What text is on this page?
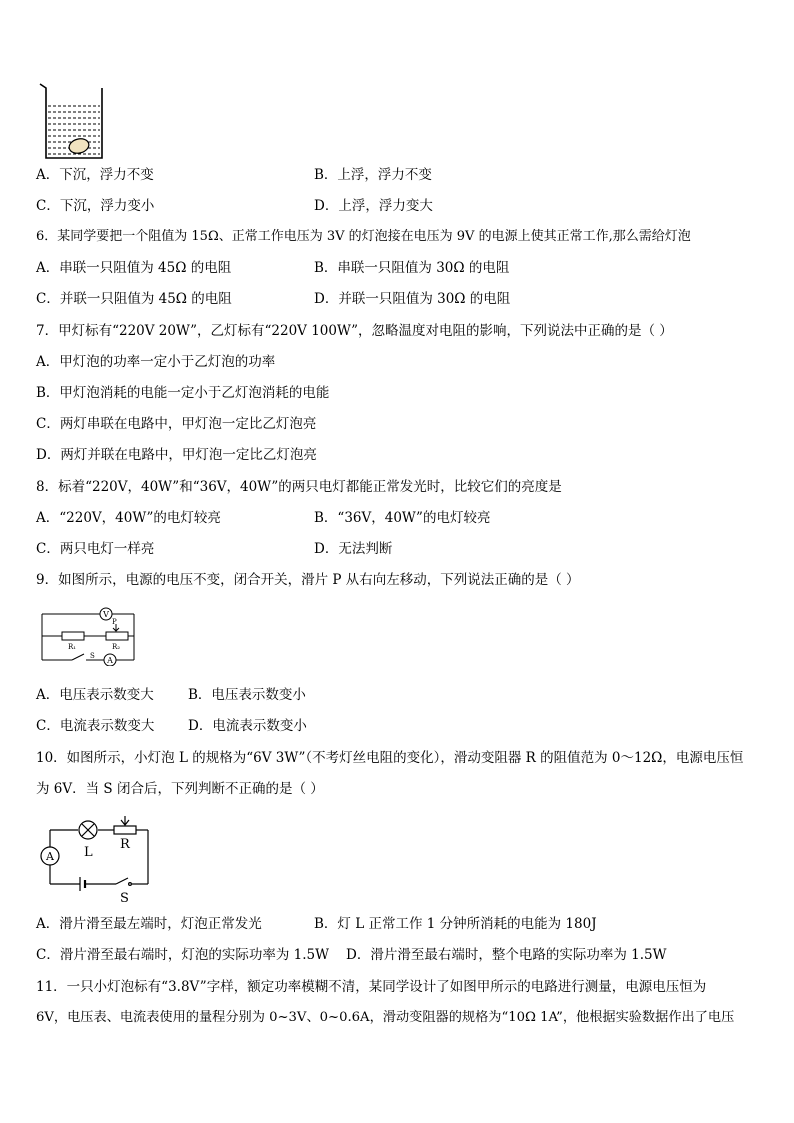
A．下沉，浮力不变	B．上浮，浮力不变
C．下沉，浮力变小	D．上浮，浮力变大
6．某同学要把一个阻值为 15Ω、正常工作电压为 3V 的灯泡接在电压为 9V 的电源上使其正常工作,那么需给灯泡
A．串联一只阻值为 45Ω 的电阻	B．串联一只阻值为 30Ω 的电阻
C．并联一只阻值为 45Ω 的电阻	D．并联一只阻值为 30Ω 的电阻
7．甲灯标有“220V 20W”，乙灯标有“220V 100W”，忽略温度对电阻的影响，下列说法中正确的是（ ）
A．甲灯泡的功率一定小于乙灯泡的功率
B．甲灯泡消耗的电能一定小于乙灯泡消耗的电能
C．两灯串联在电路中，甲灯泡一定比乙灯泡亮
D．两灯并联在电路中，甲灯泡一定比乙灯泡亮
8．标着“220V，40W”和“36V，40W”的两只电灯都能正常发光时，比较它们的亮度是
A．“220V，40W”的电灯较亮	B．“36V，40W”的电灯较亮
C．两只电灯一样亮	D．无法判断
9．如图所示，电源的电压不变，闭合开关，滑片 P 从右向左移动，下列说法正确的是（ ）
V
A
P
R₁	R₂
S
A．电压表示数变大	B．电压表示数变小
C．电流表示数变大 D．电流表示数变小
10．如图所示，小灯泡 L 的规格为“6V 3W”（不考灯丝电阻的变化），滑动变阻器 R 的阻值范为 0～12Ω，电源电压恒
为 6V．当 S 闭合后，下列判断不正确的是（ ）
A L
R
S
A．滑片滑至最左端时，灯泡正常发光	B．灯 L 正常工作 1 分钟所消耗的电能为 180J
C．滑片滑至最右端时，灯泡的实际功率为 1.5W D．滑片滑至最右端时，整个电路的实际功率为 1.5W
11．一只小灯泡标有“3.8V”字样，额定功率模糊不清，某同学设计了如图甲所示的电路进行测量，电源电压恒为
6V，电压表、电流表使用的量程分别为 0~3V、0~0.6A，滑动变阻器的规格为“10Ω 1A”，他根据实验数据作出了电压
